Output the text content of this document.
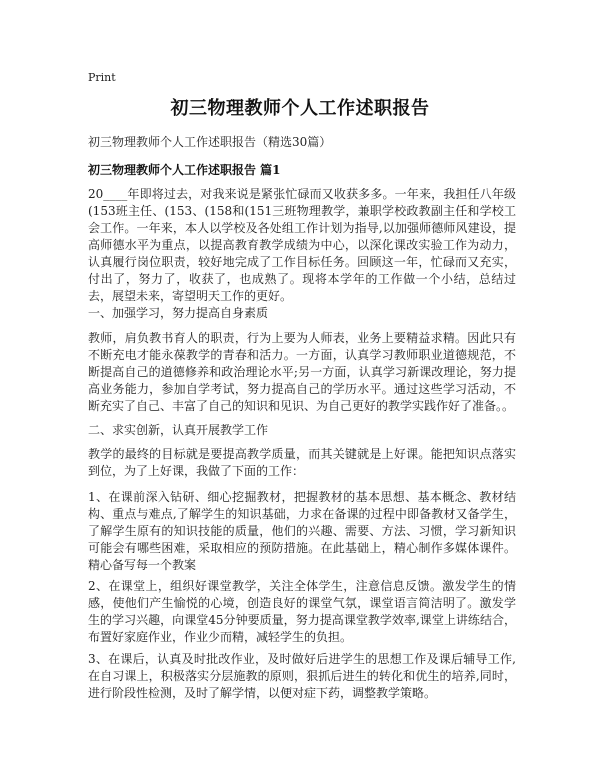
Print
初三物理教师个人工作述职报告
初三物理教师个人工作述职报告（精选30篇）
初三物理教师个人工作述职报告 篇1

20____年即将过去，对我来说是紧张忙碌而又收获多多。一年来，我担任八年级(153班主任、(153、(158和(151三班物理教学，兼职学校政教副主任和学校工会工作。一年来，本人以学校及各处组工作计划为指导,以加强师德师风建设，提高师德水平为重点，以提高教育教学成绩为中心，以深化课改实验工作为动力，认真履行岗位职责，较好地完成了工作目标任务。回顾这一年，忙碌而又充实，付出了，努力了，收获了，也成熟了。现将本学年的工作做一个小结，总结过去，展望未来，寄望明天工作的更好。

一、加强学习，努力提高自身素质

教师，肩负教书育人的职责，行为上要为人师表，业务上要精益求精。因此只有不断充电才能永葆教学的青春和活力。一方面，认真学习教师职业道德规范，不断提高自己的道德修养和政治理论水平;另一方面，认真学习新课改理论，努力提高业务能力，参加自学考试，努力提高自己的学历水平。通过这些学习活动，不断充实了自己、丰富了自己的知识和见识、为自己更好的教学实践作好了准备。。

二、求实创新，认真开展教学工作

教学的最终的目标就是要提高教学质量，而其关键就是上好课。能把知识点落实到位，为了上好课，我做了下面的工作：

1、在课前深入钻研、细心挖掘教材，把握教材的基本思想、基本概念、教材结构、重点与难点,了解学生的知识基础，力求在备课的过程中即备教材又备学生，了解学生原有的知识技能的质量，他们的兴趣、需要、方法、习惯，学习新知识可能会有哪些困难，采取相应的预防措施。在此基础上，精心制作多媒体课件。精心备写每一个教案

2、在课堂上，组织好课堂教学，关注全体学生，注意信息反馈。激发学生的情感，使他们产生愉悦的心境，创造良好的课堂气氛，课堂语言简洁明了。激发学生的学习兴趣，向课堂45分钟要质量，努力提高课堂教学效率,课堂上讲练结合，布置好家庭作业，作业少而精，减轻学生的负担。

3、在课后，认真及时批改作业，及时做好后进学生的思想工作及课后辅导工作,在自习课上，积极落实分层施教的原则，狠抓后进生的转化和优生的培养,同时，进行阶段性检测，及时了解学情，以便对症下药，调整教学策略。
